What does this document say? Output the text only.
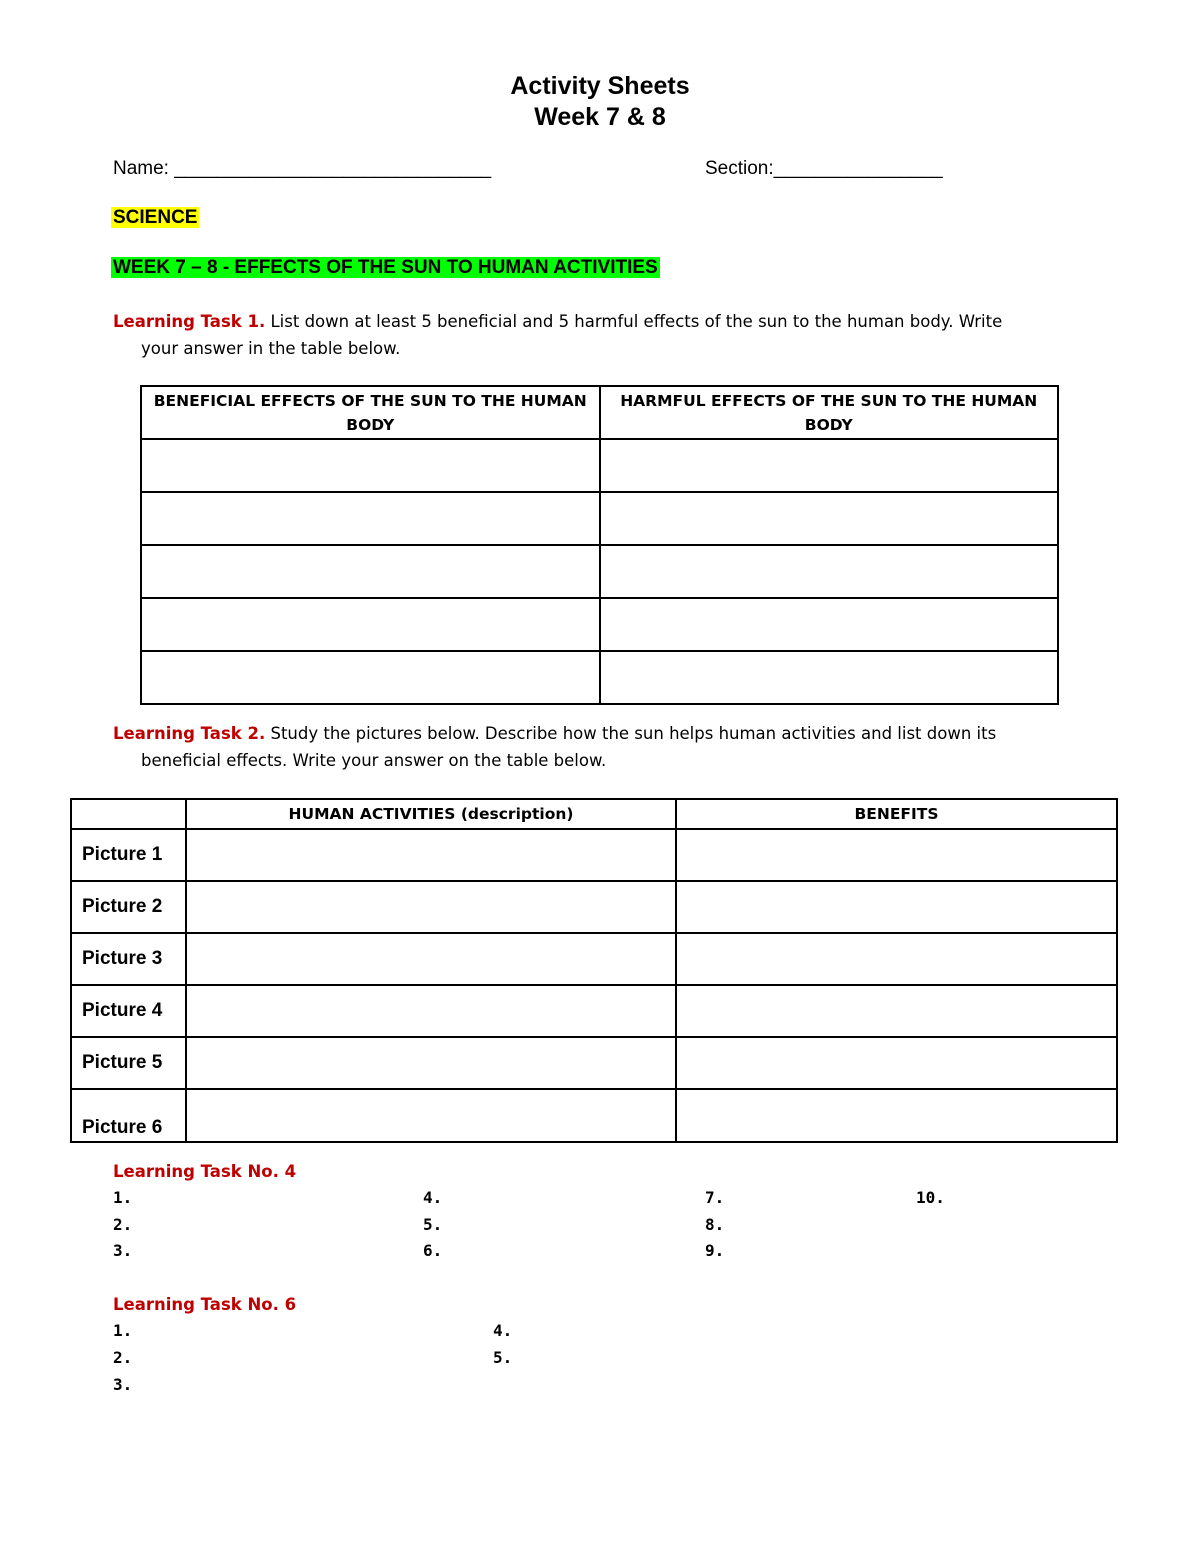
Activity Sheets
Week 7 & 8
Name: ______________________________	Section:________________
SCIENCE
WEEK 7 – 8 - EFFECTS OF THE SUN TO HUMAN ACTIVITIES
Learning Task 1. List down at least 5 beneficial and 5 harmful effects of the sun to the human body. Write
your answer in the table below.
BENEFICIAL EFFECTS OF THE SUN TO THE HUMAN BODY	HARMFUL EFFECTS OF THE SUN TO THE HUMAN BODY

Learning Task 2. Study the pictures below. Describe how the sun helps human activities and list down its
beneficial effects. Write your answer on the table below.
	HUMAN ACTIVITIES (description)	BENEFITS
Picture 1		
Picture 2		
Picture 3		
Picture 4		
Picture 5		
Picture 6		
Learning Task No. 4
1.
2.
3.
4.
5.
6.
7.
8.
9.
10.
Learning Task No. 6
1.
2.
3.
4.
5.
